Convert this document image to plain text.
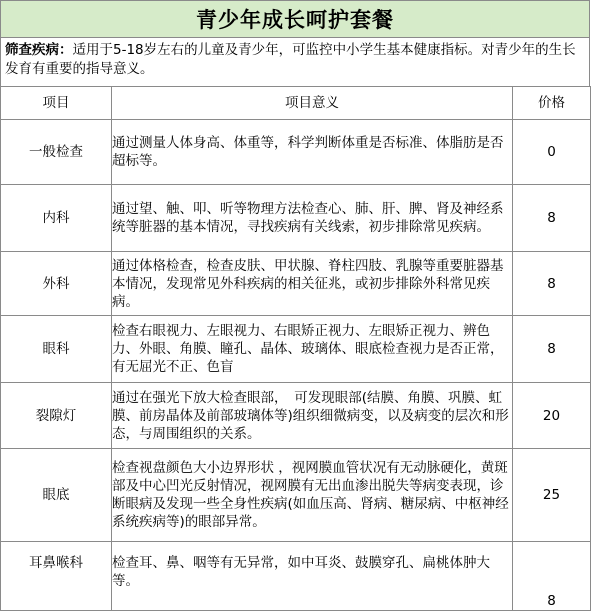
青少年成长呵护套餐
筛查疾病：适用于5-18岁左右的儿童及青少年，可监控中小学生基本健康指标。对青少年的生长发育有重要的指导意义。
项目	项目意义	价格
一般检查	通过测量人体身高、体重等，科学判断体重是否标准、体脂肪是否超标等。	0
内科	通过望、触、叩、听等物理方法检查心、肺、肝、脾、肾及神经系统等脏器的基本情况，寻找疾病有关线索，初步排除常见疾病。	8
外科	通过体格检查，检查皮肤、甲状腺、脊柱四肢、乳腺等重要脏器基本情况，发现常见外科疾病的相关征兆，或初步排除外科常见疾病。	8
眼科	检查右眼视力、左眼视力、右眼矫正视力、左眼矫正视力、辨色力、外眼、角膜、瞳孔、晶体、玻璃体、眼底检查视力是否正常，有无屈光不正、色盲	8
裂隙灯	通过在强光下放大检查眼部，　可发现眼部(结膜、角膜、巩膜、虹膜、前房晶体及前部玻璃体等)组织细微病变，以及病变的层次和形态，与周围组织的关系。	20
眼底	检查视盘颜色大小边界形状 ，视网膜血管状况有无动脉硬化，黄斑部及中心凹光反射情况，视网膜有无出血渗出脱失等病变表现，诊断眼病及发现一些全身性疾病(如血压高、肾病、糖尿病、中枢神经系统疾病等)的眼部异常。	25
耳鼻喉科	检查耳、鼻、咽等有无异常，如中耳炎、鼓膜穿孔、扁桃体肿大等。	8
